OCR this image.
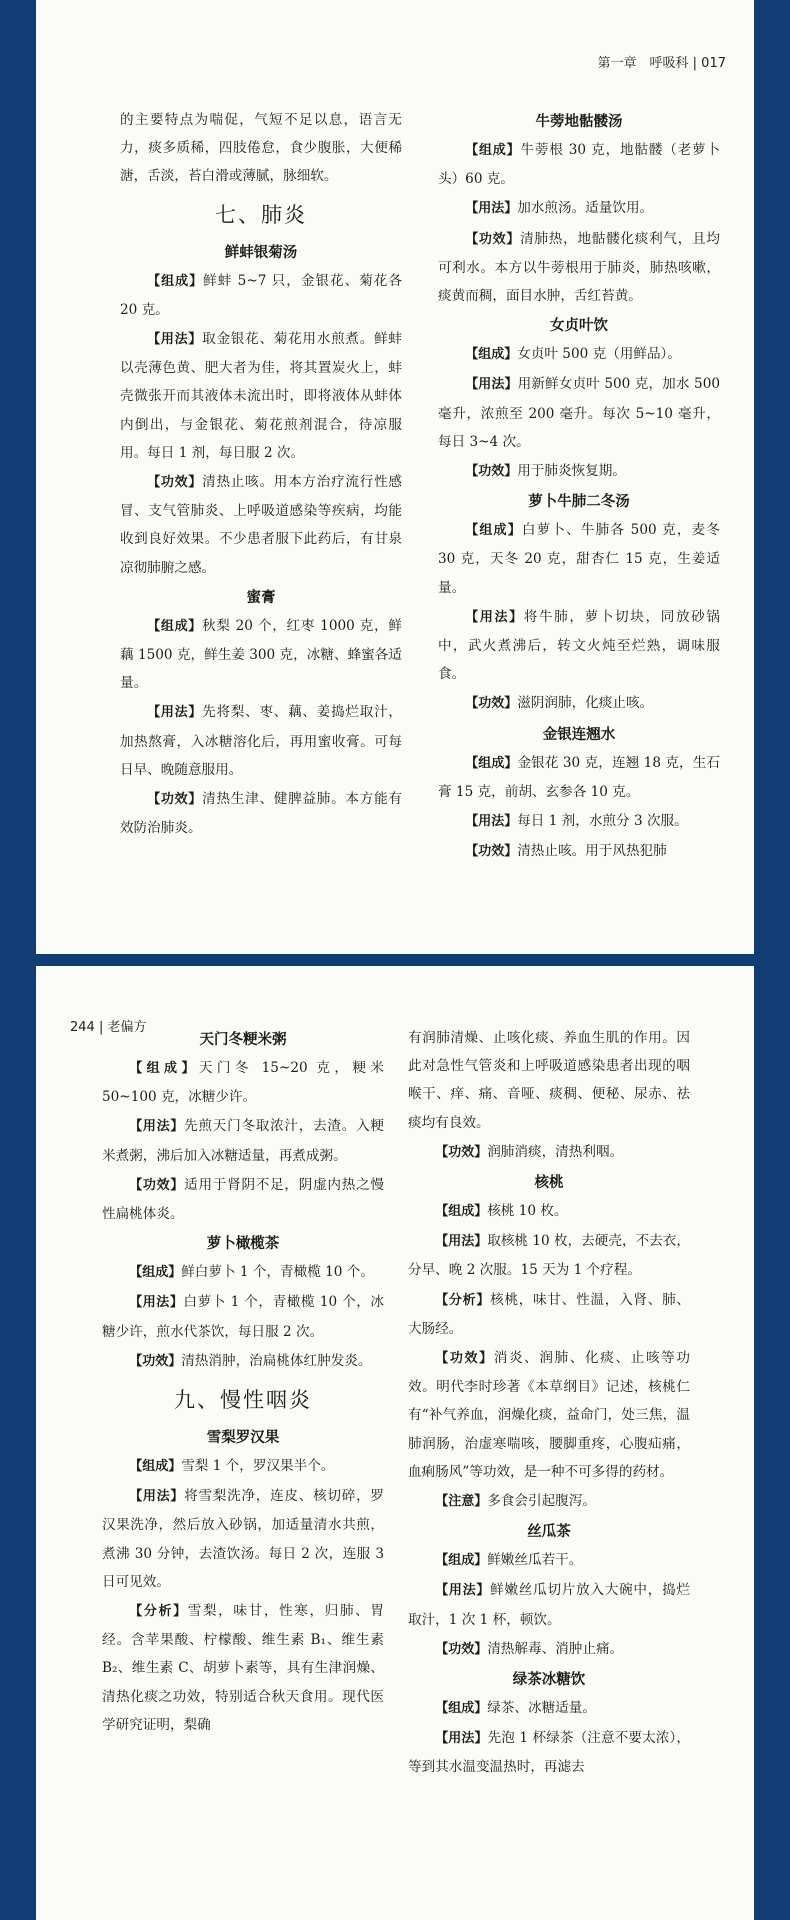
第一章　呼吸科 | 017

的主要特点为喘促，气短不足以息，语言无力，痰多质稀，四肢倦怠，食少腹胀，大便稀溏，舌淡，苔白滑或薄腻，脉细软。

七、肺炎
鲜蚌银菊汤

【组成】鲜蚌 5~7 只，金银花、菊花各 20 克。

【用法】取金银花、菊花用水煎煮。鲜蚌以壳薄色黄、肥大者为佳，将其置炭火上，蚌壳微张开而其液体未流出时，即将液体从蚌体内倒出，与金银花、菊花煎剂混合，待凉服用。每日 1 剂，每日服 2 次。

【功效】清热止咳。用本方治疗流行性感冒、支气管肺炎、上呼吸道感染等疾病，均能收到良好效果。不少患者服下此药后，有甘泉凉彻肺腑之感。

蜜膏

【组成】秋梨 20 个，红枣 1000 克，鲜藕 1500 克，鲜生姜 300 克，冰糖、蜂蜜各适量。

【用法】先将梨、枣、藕、姜捣烂取汁，加热熬膏，入冰糖溶化后，再用蜜收膏。可每日早、晚随意服用。

【功效】清热生津、健脾益肺。本方能有效防治肺炎。

牛蒡地骷髅汤

【组成】牛蒡根 30 克，地骷髅（老萝卜头）60 克。

【用法】加水煎汤。适量饮用。

【功效】清肺热，地骷髅化痰利气，且均可利水。本方以牛蒡根用于肺炎，肺热咳嗽，痰黄而稠，面目水肿，舌红苔黄。

女贞叶饮

【组成】女贞叶 500 克（用鲜品）。

【用法】用新鲜女贞叶 500 克，加水 500 毫升，浓煎至 200 毫升。每次 5~10 毫升，每日 3~4 次。

【功效】用于肺炎恢复期。

萝卜牛肺二冬汤

【组成】白萝卜、牛肺各 500 克，麦冬 30 克，天冬 20 克，甜杏仁 15 克，生姜适量。

【用法】将牛肺，萝卜切块，同放砂锅中，武火煮沸后，转文火炖至烂熟，调味服食。

【功效】滋阴润肺，化痰止咳。

金银连翘水

【组成】金银花 30 克，连翘 18 克，生石膏 15 克，前胡、玄参各 10 克。

【用法】每日 1 剂，水煎分 3 次服。

【功效】清热止咳。用于风热犯肺

244 | 老偏方
天门冬粳米粥

【组成】天门冬 15~20 克，粳米 50~100 克，冰糖少许。

【用法】先煎天门冬取浓汁，去渣。入粳米煮粥，沸后加入冰糖适量，再煮成粥。

【功效】适用于肾阴不足，阴虚内热之慢性扁桃体炎。

萝卜橄榄茶

【组成】鲜白萝卜 1 个，青橄榄 10 个。

【用法】白萝卜 1 个，青橄榄 10 个，冰糖少许，煎水代茶饮，每日服 2 次。

【功效】清热消肿，治扁桃体红肿发炎。

九、慢性咽炎
雪梨罗汉果

【组成】雪梨 1 个，罗汉果半个。

【用法】将雪梨洗净，连皮、核切碎，罗汉果洗净，然后放入砂锅，加适量清水共煎，煮沸 30 分钟，去渣饮汤。每日 2 次，连服 3 日可见效。

【分析】雪梨，味甘，性寒，归肺、胃经。含苹果酸、柠檬酸、维生素 B₁、维生素 B₂、维生素 C、胡萝卜素等，具有生津润燥、清热化痰之功效，特别适合秋天食用。现代医学研究证明，梨确

有润肺清燥、止咳化痰、养血生肌的作用。因此对急性气管炎和上呼吸道感染患者出现的咽喉干、痒、痛、音哑、痰稠、便秘、尿赤、祛痰均有良效。

【功效】润肺消痰，清热利咽。

核桃

【组成】核桃 10 枚。

【用法】取核桃 10 枚，去硬壳，不去衣，分早、晚 2 次服。15 天为 1 个疗程。

【分析】核桃，味甘、性温，入肾、肺、大肠经。

【功效】消炎、润肺、化痰、止咳等功效。明代李时珍著《本草纲目》记述，核桃仁有“补气养血，润燥化痰，益命门，处三焦，温肺润肠，治虚寒喘咳，腰脚重疼，心腹疝痛，血痢肠风”等功效，是一种不可多得的药材。

【注意】多食会引起腹泻。

丝瓜茶

【组成】鲜嫩丝瓜若干。

【用法】鲜嫩丝瓜切片放入大碗中，捣烂取汁，1 次 1 杯，顿饮。

【功效】清热解毒、消肿止痛。

绿茶冰糖饮

【组成】绿茶、冰糖适量。

【用法】先泡 1 杯绿茶（注意不要太浓），等到其水温变温热时，再滤去
